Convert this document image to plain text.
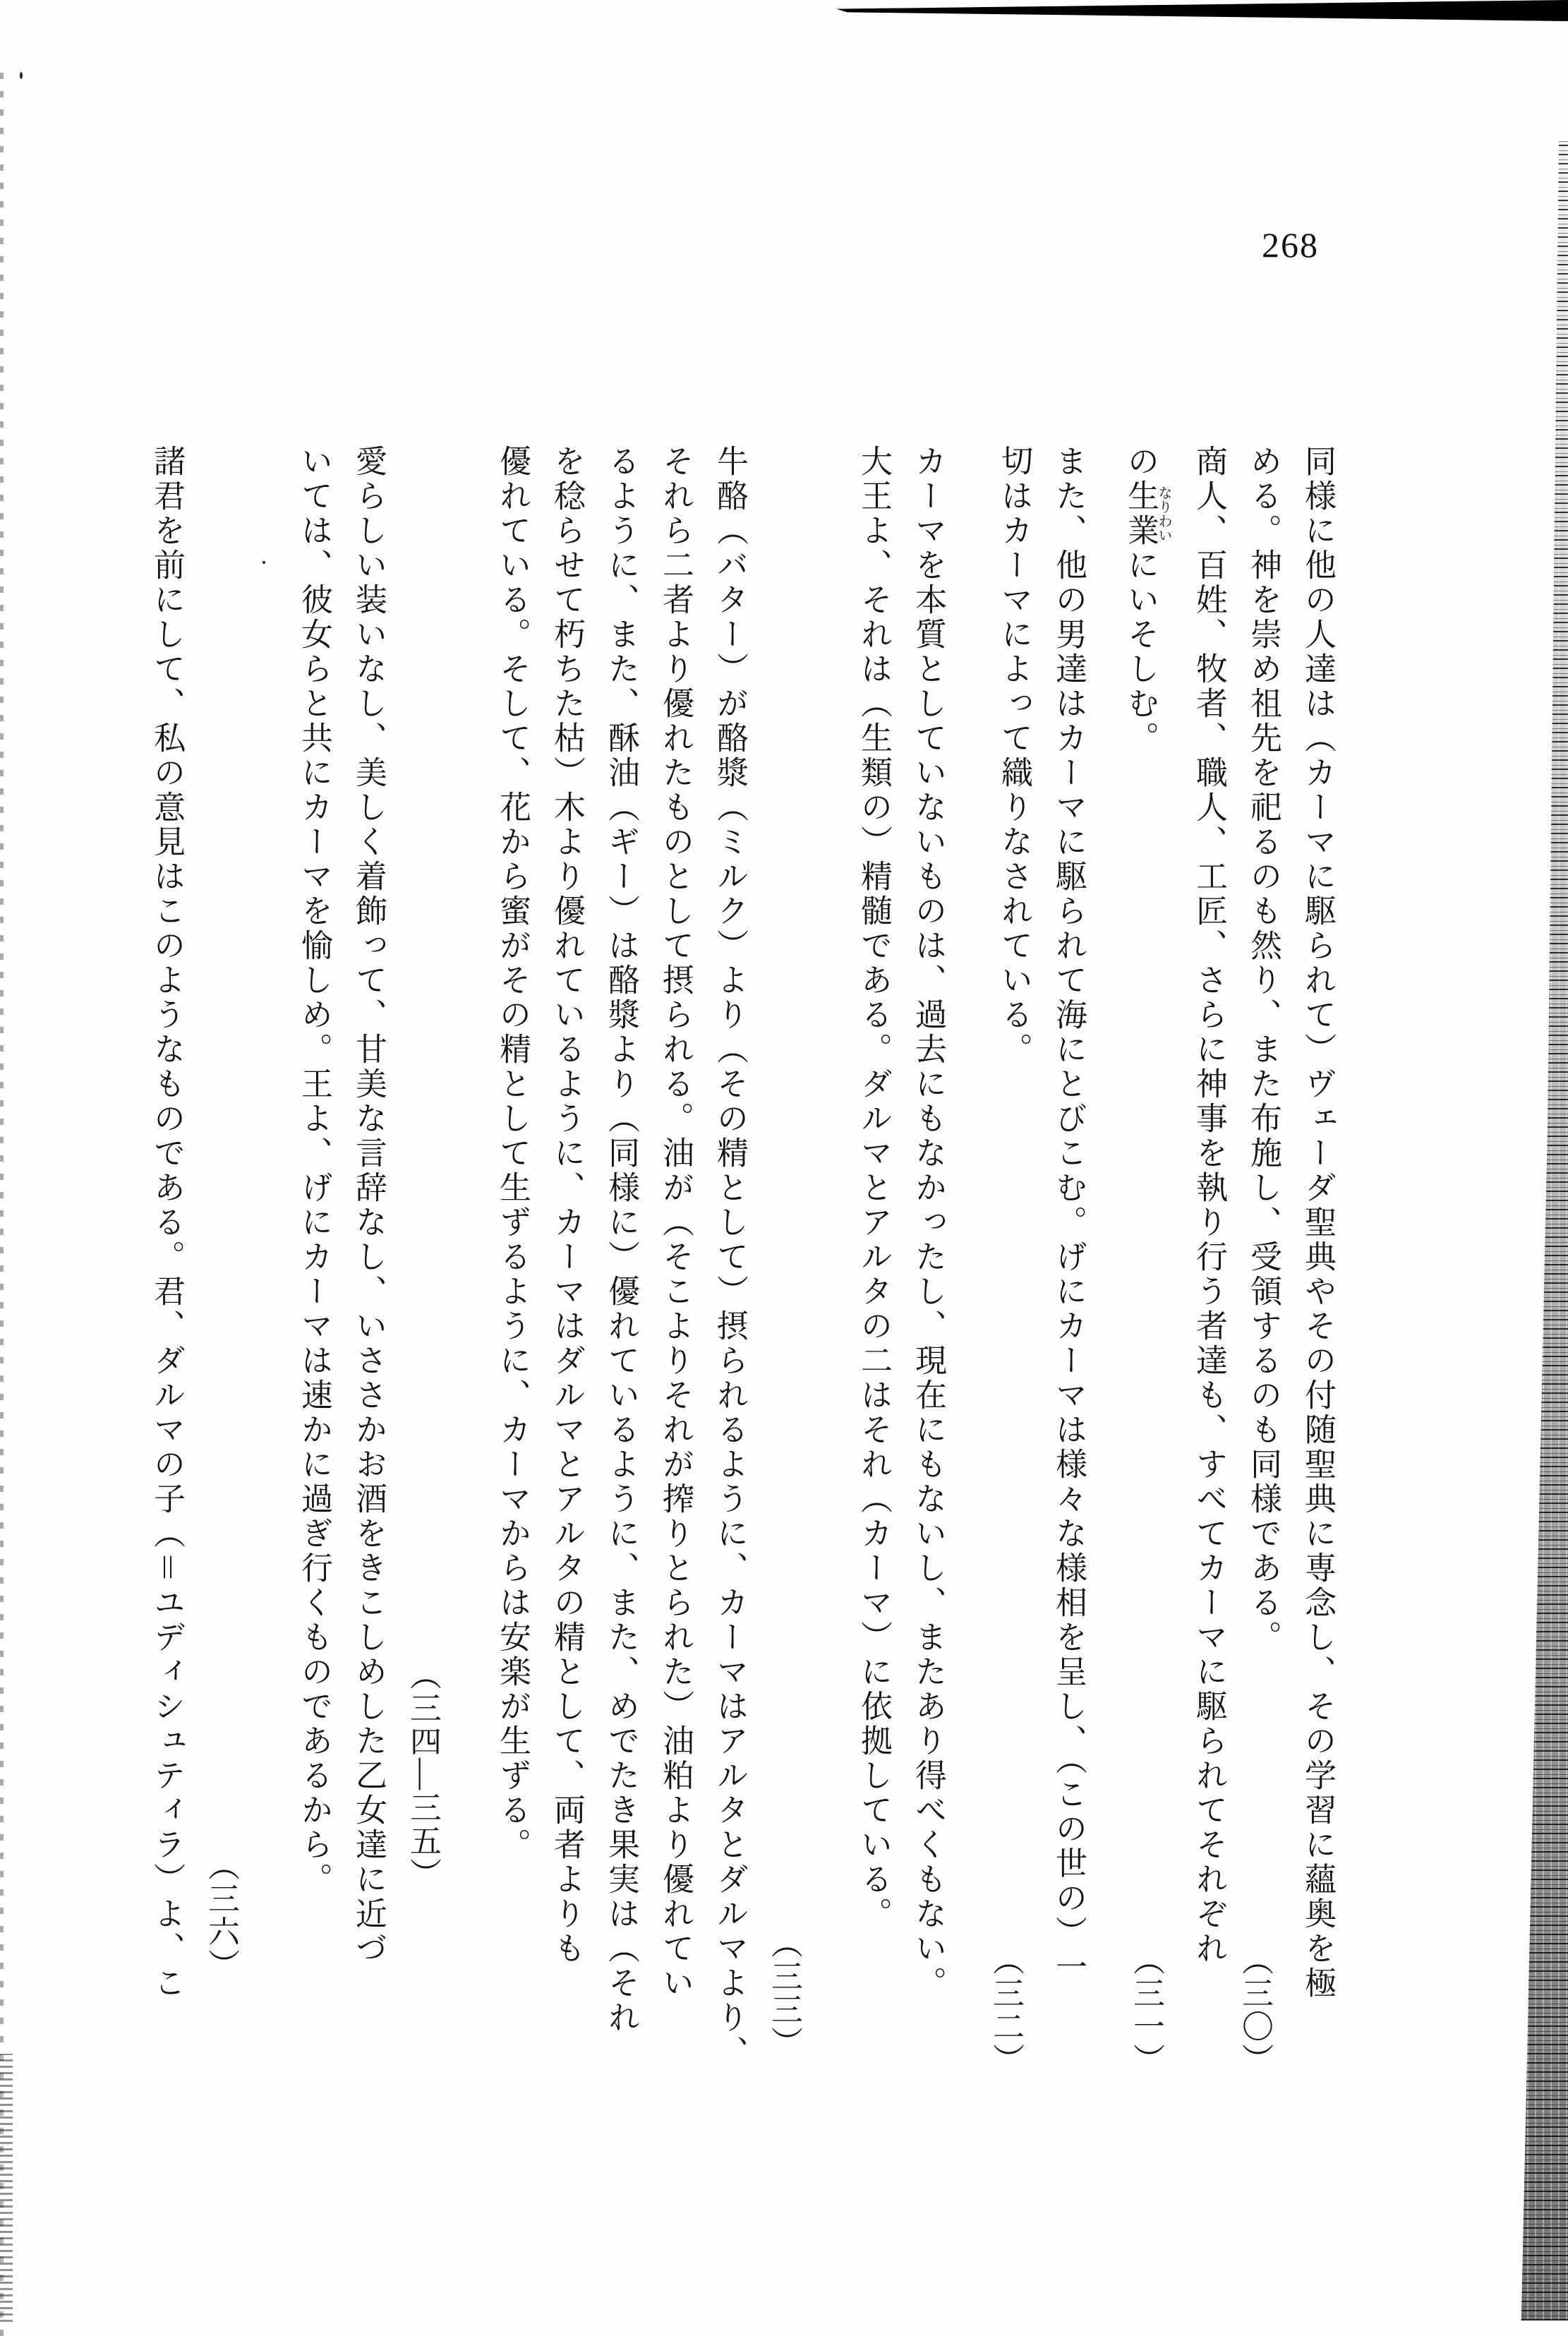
268
同様に他の人達は（カーマに駆られて）ヴェーダ聖典やその付随聖典に専念し、その学習に蘊奥を極
める。神を崇め祖先を祀るのも然り、また布施し、受領するのも同様である。
（三〇）
商人、百姓、牧者、職人、工匠、さらに神事を執り行う者達も、すべてカーマに駆られてそれぞれ
の生業なりわいにいそしむ。
（三一）
また、他の男達はカーマに駆られて海にとびこむ。げにカーマは様々な様相を呈し、（この世の）一
切はカーマによって織りなされている。
（三二）
カーマを本質としていないものは、過去にもなかったし、現在にもないし、またあり得べくもない。
大王よ、それは（生類の）精髄である。ダルマとアルタの二はそれ（カーマ）に依拠している。
（三三）
牛酪（バター）が酪漿（ミルク）より（その精として）摂られるように、カーマはアルタとダルマより、
それら二者より優れたものとして摂られる。油が（そこよりそれが搾りとられた）油粕より優れてい
るように、また、酥油（ギー）は酪漿より（同様に）優れているように、また、めでたき果実は（それ
を稔らせて朽ちた枯）木より優れているように、カーマはダルマとアルタの精として、両者よりも
優れている。そして、花から蜜がその精として生ずるように、カーマからは安楽が生ずる。
（三四―三五）
愛らしい装いなし、美しく着飾って、甘美な言辞なし、いささかお酒をきこしめした乙女達に近づ
いては、彼女らと共にカーマを愉しめ。王よ、げにカーマは速かに過ぎ行くものであるから。
（三六）
諸君を前にして、私の意見はこのようなものである。君、ダルマの子（＝ユディシュティラ）よ、こ
